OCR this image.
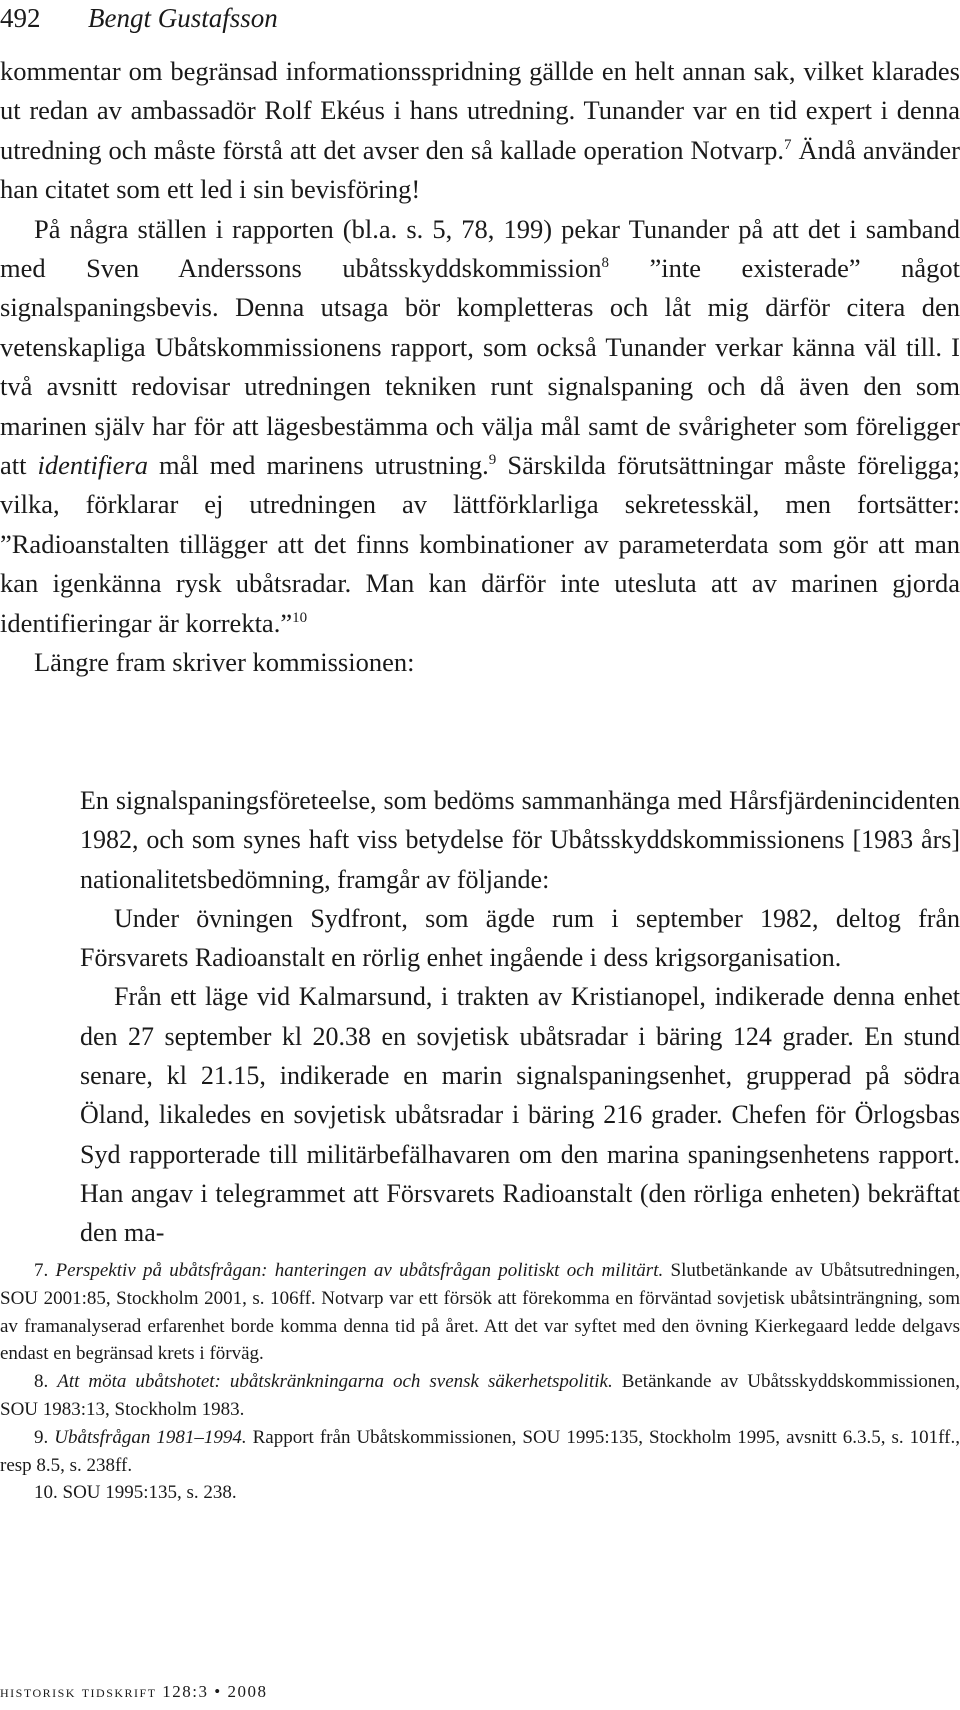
492 Bengt Gustafsson

kommentar om begränsad informationsspridning gällde en helt annan sak, vilket klarades ut redan av ambassadör Rolf Ekéus i hans utredning. Tunander var en tid expert i denna utredning och måste förstå att det avser den så kallade operation Notvarp.$^7$ Ändå använder han citatet som ett led i sin bevisföring!

På några ställen i rapporten (bl.a. s. 5, 78, 199) pekar Tunander på att det i samband med Sven Anderssons ubåtsskyddskommission$^8$ ”inte existerade” något signalspaningsbevis. Denna utsaga bör kompletteras och låt mig därför citera den vetenskapliga Ubåtskommissionens rapport, som också Tunander verkar känna väl till. I två avsnitt redovisar utredningen tekniken runt signalspaning och då även den som marinen själv har för att lägesbestämma och välja mål samt de svårigheter som föreligger att identifiera mål med marinens utrustning.$^9$ Särskilda förutsättningar måste föreligga; vilka, förklarar ej utredningen av lättförklarliga sekretesskäl, men fortsätter: ”Radioanstalten tillägger att det finns kombinationer av parameterdata som gör att man kan igenkänna rysk ubåtsradar. Man kan därför inte utesluta att av marinen gjorda identifieringar är korrekta.”$^{10}$

Längre fram skriver kommissionen:

En signalspaningsföreteelse, som bedöms sammanhänga med Hårsfjärdenincidenten 1982, och som synes haft viss betydelse för Ubåtsskyddskommissionens [1983 års] nationalitetsbedömning, framgår av följande:

Under övningen Sydfront, som ägde rum i september 1982, deltog från Försvarets Radioanstalt en rörlig enhet ingående i dess krigsorganisation.

Från ett läge vid Kalmarsund, i trakten av Kristianopel, indikerade denna enhet den 27 september kl 20.38 en sovjetisk ubåtsradar i bäring 124 grader. En stund senare, kl 21.15, indikerade en marin signalspaningsenhet, grupperad på södra Öland, likaledes en sovjetisk ubåtsradar i bäring 216 grader. Chefen för Örlogsbas Syd rapporterade till militärbefälhavaren om den marina spaningsenhetens rapport. Han angav i telegrammet att Försvarets Radioanstalt (den rörliga enheten) bekräftat den ma-

7. Perspektiv på ubåtsfrågan: hanteringen av ubåtsfrågan politiskt och militärt. Slutbetänkande av Ubåtsutredningen, SOU 2001:85, Stockholm 2001, s. 106ff. Notvarp var ett försök att förekomma en förväntad sovjetisk ubåtsinträngning, som av framanalyserad erfarenhet borde komma denna tid på året. Att det var syftet med den övning Kierkegaard ledde delgavs endast en begränsad krets i förväg.

8. Att möta ubåtshotet: ubåtskränkningarna och svensk säkerhetspolitik. Betänkande av Ubåtsskyddskommissionen, SOU 1983:13, Stockholm 1983.

9. Ubåtsfrågan 1981–1994. Rapport från Ubåtskommissionen, SOU 1995:135, Stockholm 1995, avsnitt 6.3.5, s. 101ff., resp 8.5, s. 238ff.

10. SOU 1995:135, s. 238.

historisk tidskrift 128:3 • 2008
